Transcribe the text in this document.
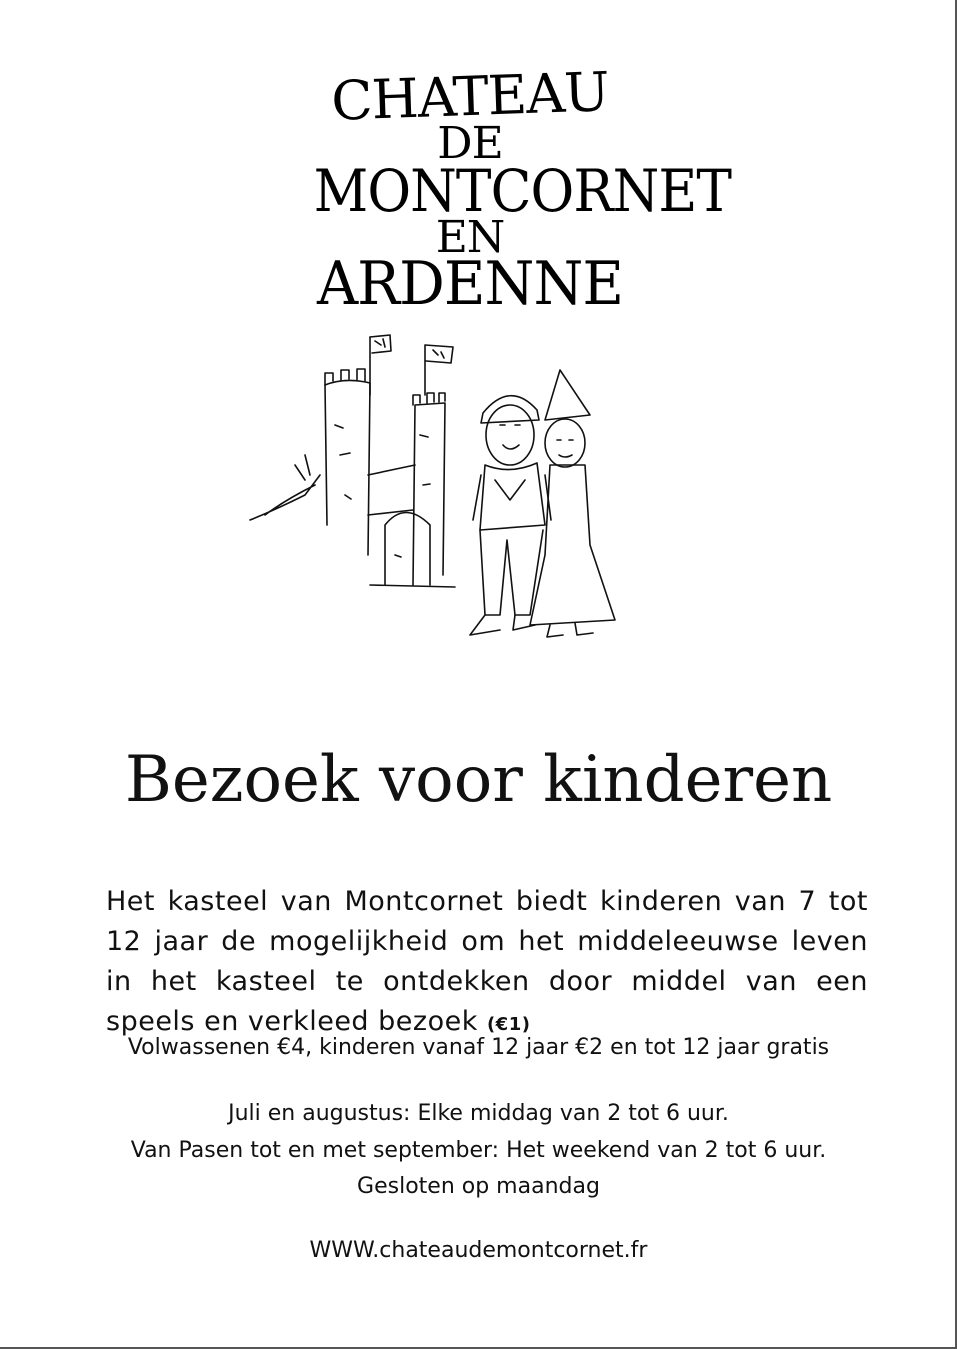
CHATEAU
DE
MONTCORNET
EN
ARDENNE
Bezoek voor kinderen

Het kasteel van Montcornet biedt kinderen van 7 tot 12 jaar de mogelijkheid om het middeleeuwse leven in het kasteel te ontdekken door middel van een speels en verkleed bezoek (€1)

Volwassenen €4, kinderen vanaf 12 jaar €2 en tot 12 jaar gratis
Juli en augustus: Elke middag van 2 tot 6 uur.
Van Pasen tot en met september: Het weekend van 2 tot 6 uur.
Gesloten op maandag
WWW.chateaudemontcornet.fr
